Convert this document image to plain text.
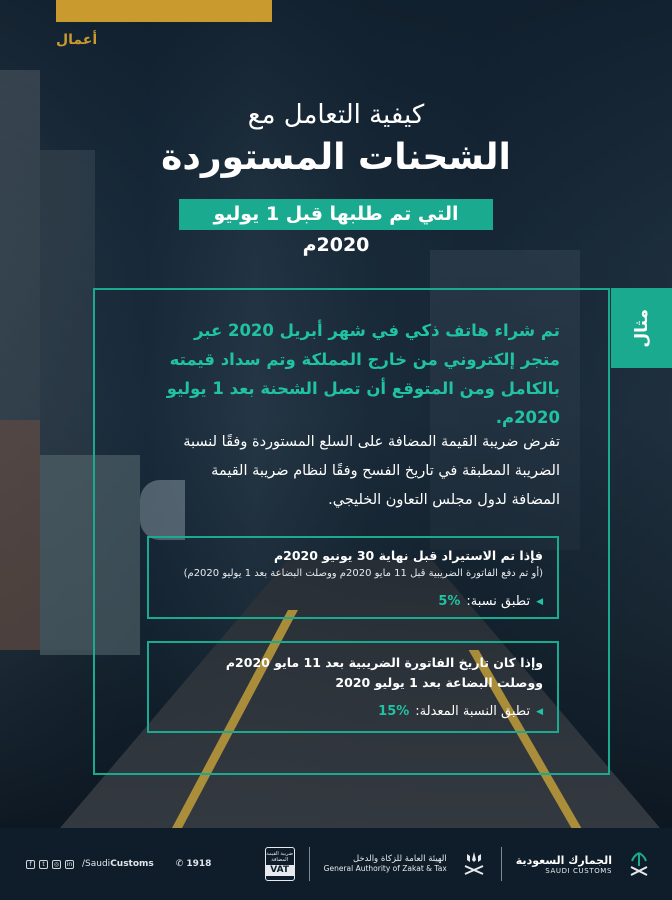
أعمال
كيفية التعامل مع
الشحنات المستوردة
التي تم طلبها قبل 1 يوليو 2020م
مثال
تم شراء هاتف ذكي في شهر أبريل 2020 عبر متجر إلكتروني من خارج المملكة وتم سداد قيمته بالكامل ومن المتوقع أن تصل الشحنة بعد 1 يوليو 2020م.
تفرض ضريبة القيمة المضافة على السلع المستوردة وفقًا لنسبة الضريبة المطبقة في تاريخ الفسح وفقًا لنظام ضريبة القيمة المضافة لدول مجلس التعاون الخليجي.
فإذا تم الاستيراد قبل نهاية 30 يونيو 2020م
(أو تم دفع الفاتورة الضريبية قبل 11 مايو 2020م ووصلت البضاعة بعد 1 يوليو 2020م)
◀
تطبق نسبة:
5%
وإذا كان تاريخ الفاتورة الضريبية بعد 11 مايو 2020م
ووصلت البضاعة بعد 1 يوليو 2020
◀
تطبق النسبة المعدلة:
15%
f	t	◎	in /SaudiCustoms ✆ 1918
ضريبة القيمة المضافة
VAT
الهيئة العامة للزكاة والدخل
General Authority of Zakat & Tax
الجمارك السعودية
SAUDI CUSTOMS
